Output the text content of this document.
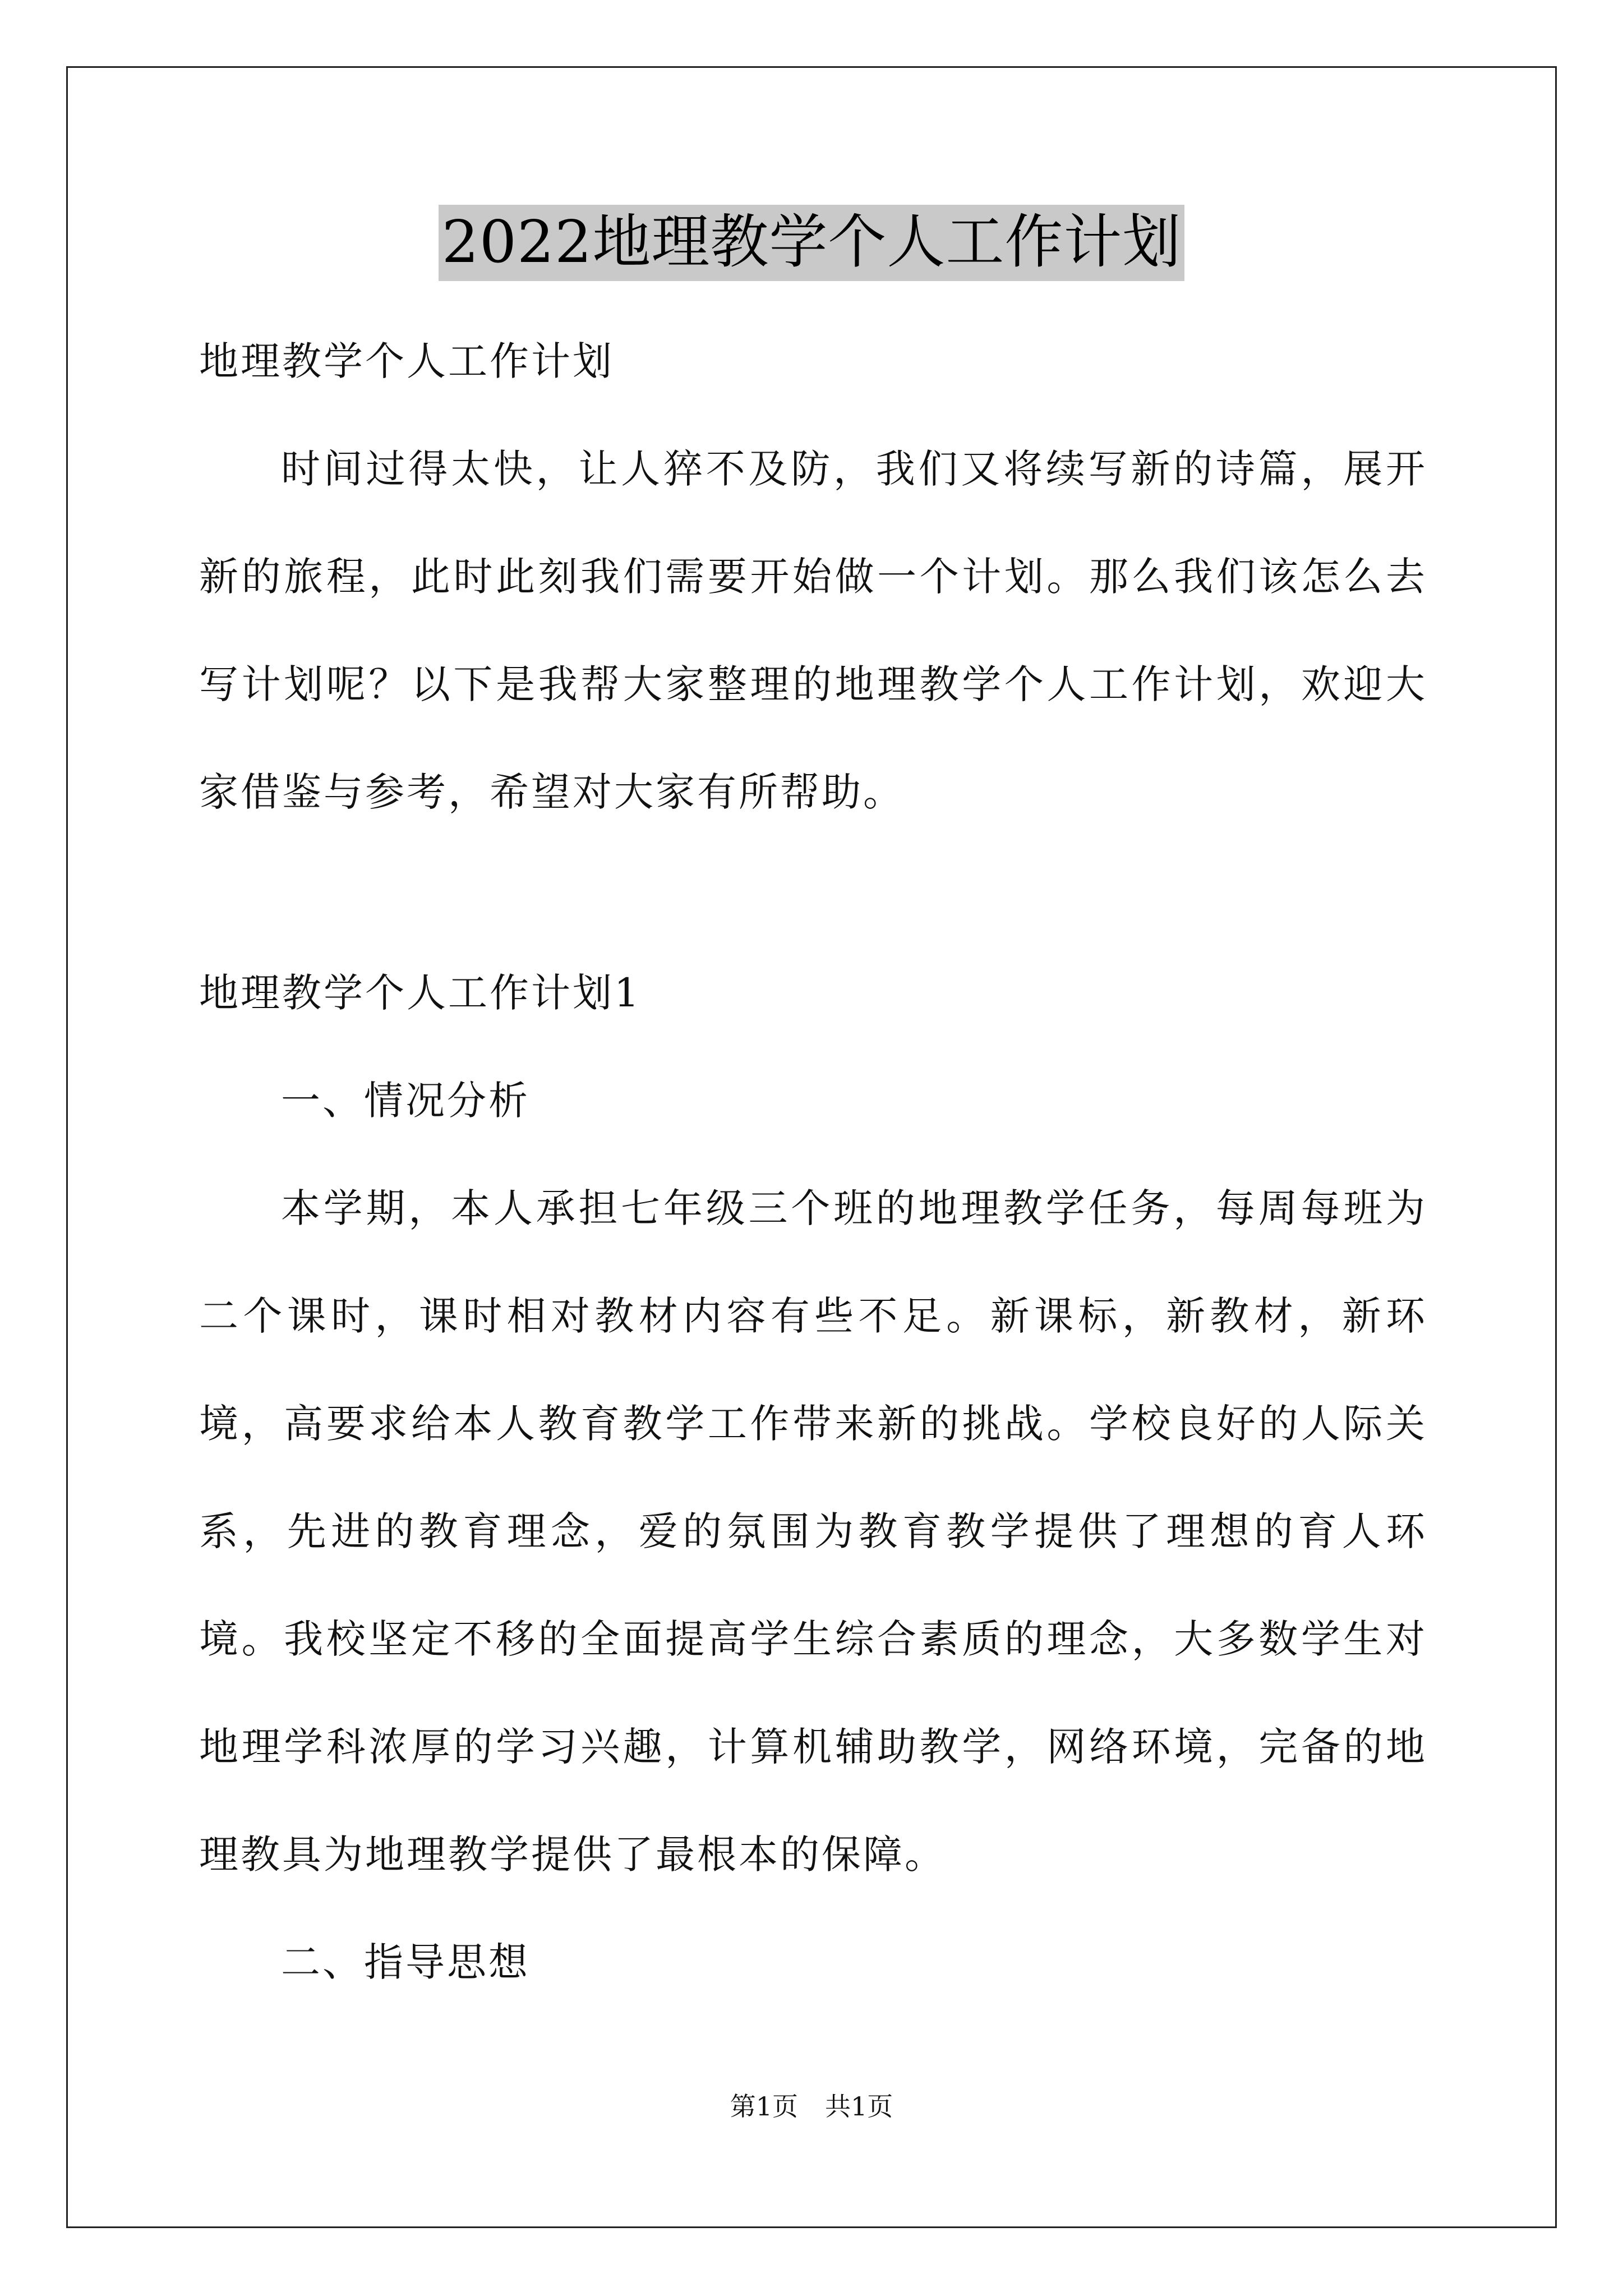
2022地理教学个人工作计划

地理教学个人工作计划

时间过得太快，让人猝不及防，我们又将续写新的诗篇，展开新的旅程，此时此刻我们需要开始做一个计划。那么我们该怎么去写计划呢？以下是我帮大家整理的地理教学个人工作计划，欢迎大家借鉴与参考，希望对大家有所帮助。

地理教学个人工作计划1

一、情况分析

本学期，本人承担七年级三个班的地理教学任务，每周每班为二个课时，课时相对教材内容有些不足。新课标，新教材，新环境，高要求给本人教育教学工作带来新的挑战。学校良好的人际关系，先进的教育理念，爱的氛围为教育教学提供了理想的育人环境。我校坚定不移的全面提高学生综合素质的理念，大多数学生对地理学科浓厚的学习兴趣，计算机辅助教学，网络环境，完备的地理教具为地理教学提供了最根本的保障。

二、指导思想

第1页 共1页
